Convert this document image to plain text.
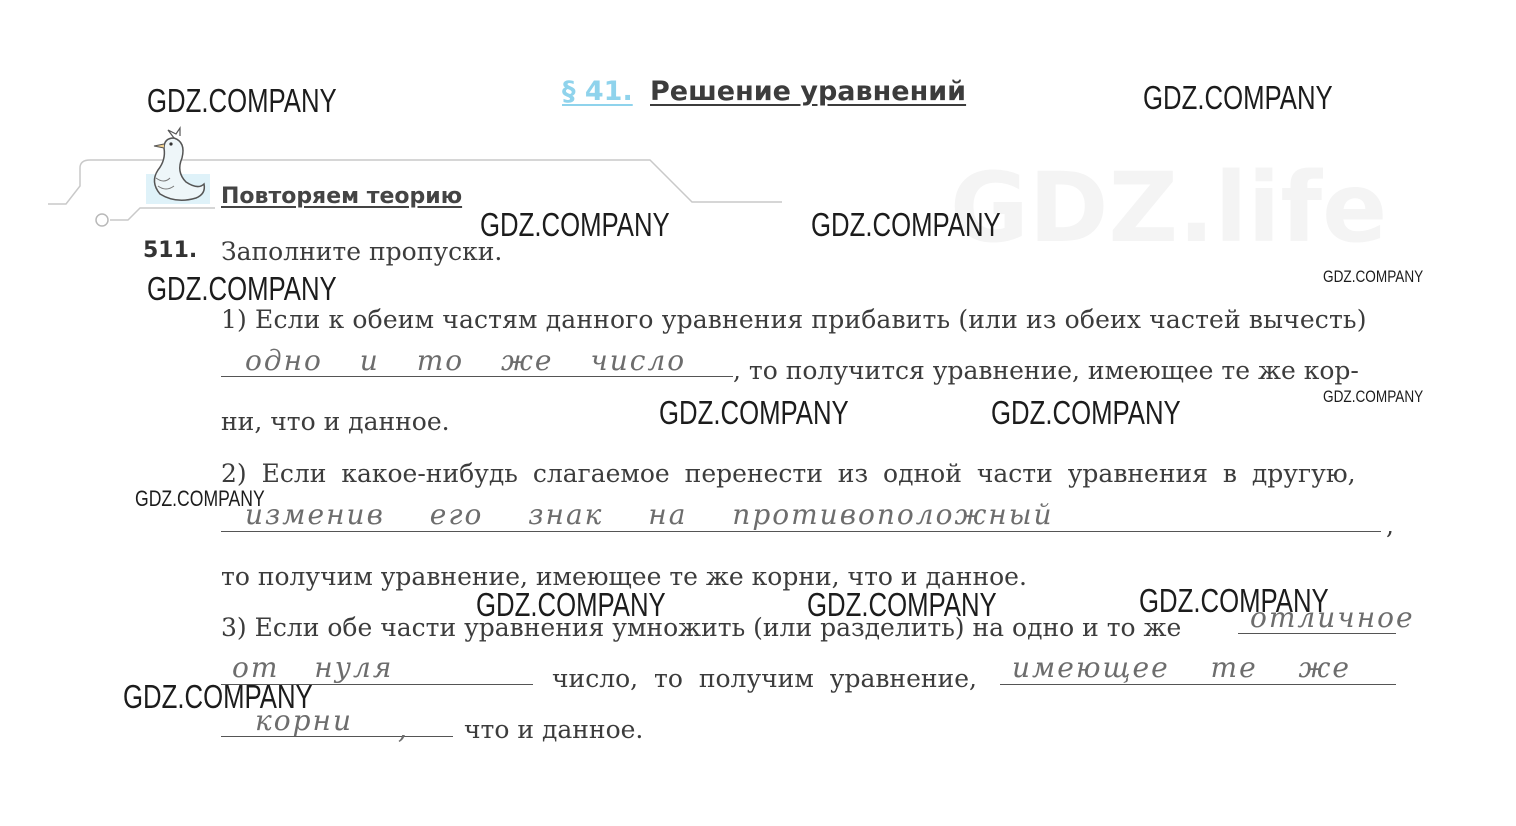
GDZ.life
§ 41. Решение уравнений
Повторяем теорию
511. Заполните пропуски.
1) Если к обеим частям данного уравнения прибавить (или из обеих частей вычесть)
одно и то же число , то получится уравнение, имеющее те же кор-
ни, что и данное.
2) Если какое-нибудь слагаемое перенести из одной части уравнения в другую,
изменив его знак на противоположный	,
то получим уравнение, имеющее те же корни, что и данное.
3) Если обе части уравнения умножить (или разделить) на одно и то же отличное
от нуля	число, то получим уравнение, имеющее те же
корни , что и данное.
GDZ.COMPANY	GDZ.COMPANY
GDZ.COMPANY	GDZ.COMPANY
GDZ.COMPANY	GDZ.COMPANY
GDZ.COMPANY
GDZ.COMPANY	GDZ.COMPANY
GDZ.COMPANY
GDZ.COMPANY	GDZ.COMPANY	GDZ.COMPANY
GDZ.COMPANY
